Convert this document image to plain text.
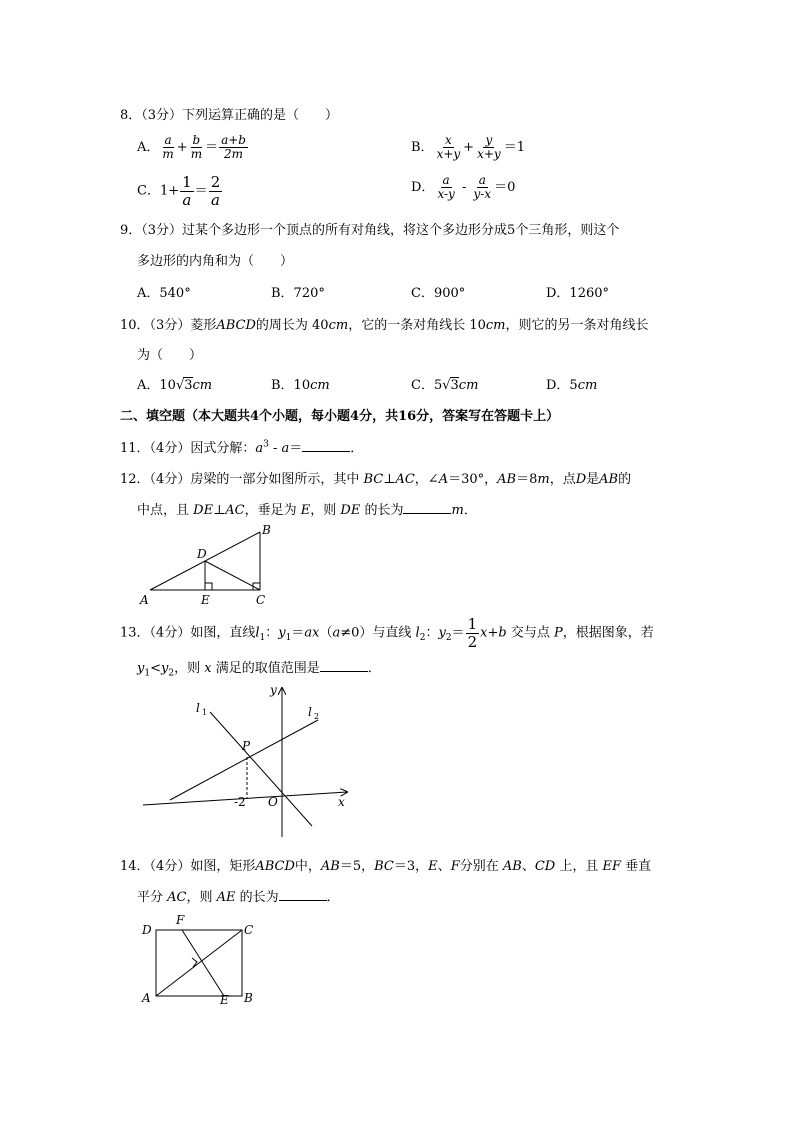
8．（3分）下列运算正确的是（　　）
A． $\frac{a}{m} + \frac{b}{m} = \frac{a+b}{2m}$	B． $\frac{x}{x+y} + \frac{y}{x+y} =1$
C．$1+ \frac{1}{a} = \frac{2}{a}$	D． $\frac{a}{x-y} - \frac{a}{y-x} =0$
9．（3分）过某个多边形一个顶点的所有对角线，将这个多边形分成5个三角形，则这个
多边形的内角和为（　　）
A．540°	B．720°	C．900°	D．1260°
10．（3分）菱形ABCD的周长为 40cm，它的一条对角线长 10cm，则它的另一条对角线长
为（　　）
A．10√3cm	B．10cm	C．5√3cm	D．5cm
二、填空题（本大题共4个小题，每小题4分，共16分，答案写在答题卡上）
11．（4分）因式分解：$a^3 - a=$	．
12．（4分）房梁的一部分如图所示，其中 BC⊥AC，∠A＝30°，AB＝8m，点D是AB的
中点，且 DE⊥AC，垂足为 E，则 DE 的长为	m．
A
B
C
D
E
13．（4分）如图，直线$l_1$：$y_1=ax(a\ne 0)$与直线 $l_2$：$y_2= \frac{1}{2} x+b$ 交与点 P，根据图象，若
$y_1<y_2$，则 x 满足的取值范围是	．
y
x
O
P
-2
l 1	l 2
14．（4分）如图，矩形ABCD中，AB＝5，BC＝3，E、F分别在 AB、CD 上，且 EF 垂直
平分 AC，则 AE 的长为	．
D	C
A	B
E
F
